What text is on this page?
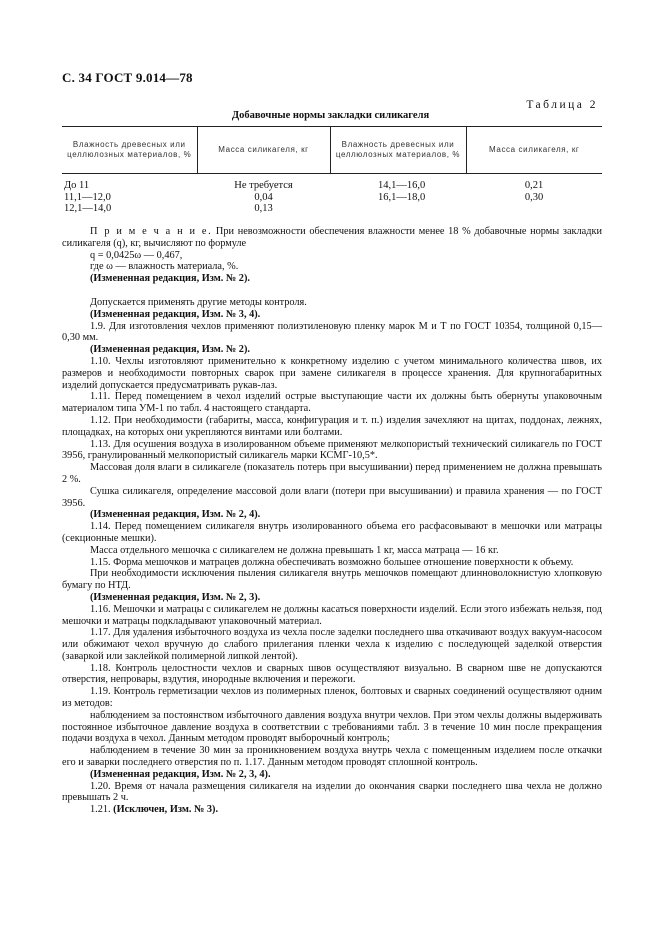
С. 34 ГОСТ 9.014—78
Таблица 2
Добавочные нормы закладки силикагеля
Влажность древесных или целлюлозных материалов, %	Масса силикагеля, кг	Влажность древесных или целлюлозных материалов, %	Масса силикагеля, кг
До 11	Не требуется	14,1—16,0	0,21
11,1—12,0	0,04	16,1—18,0	0,30
12,1—14,0	0,13		

П р и м е ч а н и е. При невозможности обеспечения влажности менее 18 % добавочные нормы закладки силикагеля (q), кг, вычисляют по формуле

q = 0,0425ω — 0,467,

где ω — влажность материала, %.

(Измененная редакция, Изм. № 2).

Допускается применять другие методы контроля.

(Измененная редакция, Изм. № 3, 4).

1.9. Для изготовления чехлов применяют полиэтиленовую пленку марок М и Т по ГОСТ 10354, толщиной 0,15—0,30 мм.

(Измененная редакция, Изм. № 2).

1.10. Чехлы изготовляют применительно к конкретному изделию с учетом минимального количества швов, их размеров и необходимости повторных сварок при замене силикагеля в процессе хранения. Для крупногабаритных изделий допускается предусматривать рукав-лаз.

1.11. Перед помещением в чехол изделий острые выступающие части их должны быть обернуты упаковочным материалом типа УМ-1 по табл. 4 настоящего стандарта.

1.12. При необходимости (габариты, масса, конфигурация и т. п.) изделия зачехляют на щитах, поддонах, лежнях, площадках, на которых они укрепляются винтами или болтами.

1.13. Для осушения воздуха в изолированном объеме применяют мелкопористый технический силикагель по ГОСТ 3956, гранулированный мелкопористый силикагель марки КСМГ-10,5*.

Массовая доля влаги в силикагеле (показатель потерь при высушивании) перед применением не должна превышать 2 %.

Сушка силикагеля, определение массовой доли влаги (потери при высушивании) и правила хранения — по ГОСТ 3956.

(Измененная редакция, Изм. № 2, 4).

1.14. Перед помещением силикагеля внутрь изолированного объема его расфасовывают в мешочки или матрацы (секционные мешки).

Масса отдельного мешочка с силикагелем не должна превышать 1 кг, масса матраца — 16 кг.

1.15. Форма мешочков и матрацев должна обеспечивать возможно большее отношение поверхности к объему.

При необходимости исключения пыления силикагеля внутрь мешочков помещают длинноволокнистую хлопковую бумагу по НТД.

(Измененная редакция, Изм. № 2, 3).

1.16. Мешочки и матрацы с силикагелем не должны касаться поверхности изделий. Если этого избежать нельзя, под мешочки и матрацы подкладывают упаковочный материал.

1.17. Для удаления избыточного воздуха из чехла после заделки последнего шва откачивают воздух вакуум-насосом или обжимают чехол вручную до слабого прилегания пленки чехла к изделию с последующей заделкой отверстия (заваркой или заклейкой полимерной липкой лентой).

1.18. Контроль целостности чехлов и сварных швов осуществляют визуально. В сварном шве не допускаются отверстия, непровары, вздутия, инородные включения и пережоги.

1.19. Контроль герметизации чехлов из полимерных пленок, болтовых и сварных соединений осуществляют одним из методов:

наблюдением за постоянством избыточного давления воздуха внутри чехлов. При этом чехлы должны выдерживать постоянное избыточное давление воздуха в соответствии с требованиями табл. 3 в течение 10 мин после прекращения подачи воздуха в чехол. Данным методом проводят выборочный контроль;

наблюдением в течение 30 мин за проникновением воздуха внутрь чехла с помещенным изделием после откачки его и заварки последнего отверстия по п. 1.17. Данным методом проводят сплошной контроль.

(Измененная редакция, Изм. № 2, 3, 4).

1.20. Время от начала размещения силикагеля на изделии до окончания сварки последнего шва чехла не должно превышать 2 ч.

1.21. (Исключен, Изм. № 3).
